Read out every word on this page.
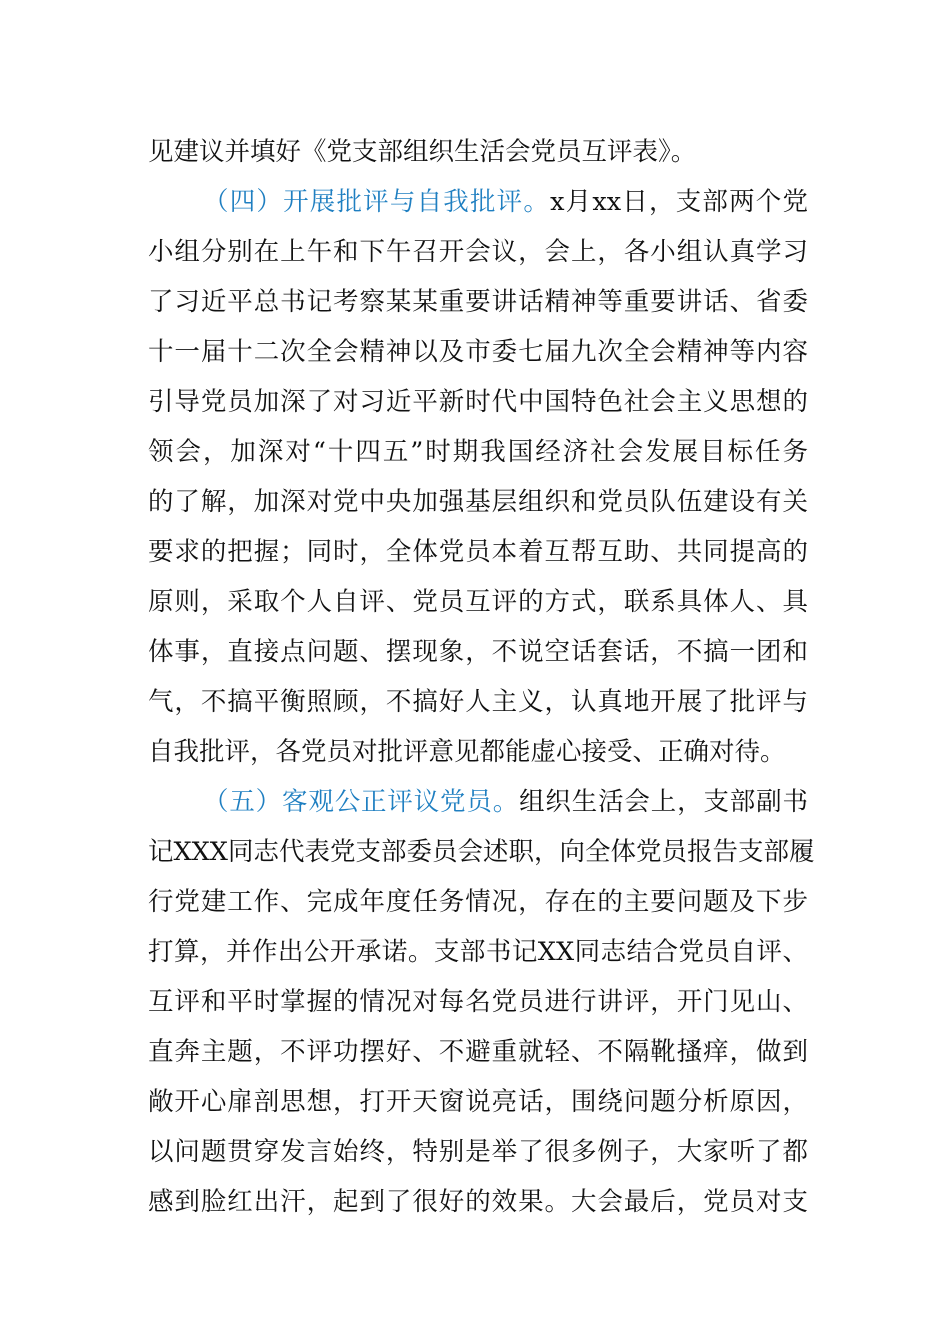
见建议并填好《党支部组织生活会党员互评表》。
（四）开展批评与自我批评。x月xx日，支部两个党
小组分别在上午和下午召开会议，会上，各小组认真学习
了习近平总书记考察某某重要讲话精神等重要讲话、省委
十一届十二次全会精神以及市委七届九次全会精神等内容
引导党员加深了对习近平新时代中国特色社会主义思想的
领会，加深对“十四五”时期我国经济社会发展目标任务
的了解，加深对党中央加强基层组织和党员队伍建设有关
要求的把握；同时，全体党员本着互帮互助、共同提高的
原则，采取个人自评、党员互评的方式，联系具体人、具
体事，直接点问题、摆现象，不说空话套话，不搞一团和
气，不搞平衡照顾，不搞好人主义，认真地开展了批评与
自我批评，各党员对批评意见都能虚心接受、正确对待。
（五）客观公正评议党员。组织生活会上，支部副书
记XXX同志代表党支部委员会述职，向全体党员报告支部履
行党建工作、完成年度任务情况，存在的主要问题及下步
打算，并作出公开承诺。支部书记XX同志结合党员自评、
互评和平时掌握的情况对每名党员进行讲评，开门见山、
直奔主题，不评功摆好、不避重就轻、不隔靴搔痒，做到
敞开心扉剖思想，打开天窗说亮话，围绕问题分析原因，
以问题贯穿发言始终，特别是举了很多例子，大家听了都
感到脸红出汗，起到了很好的效果。大会最后，党员对支
